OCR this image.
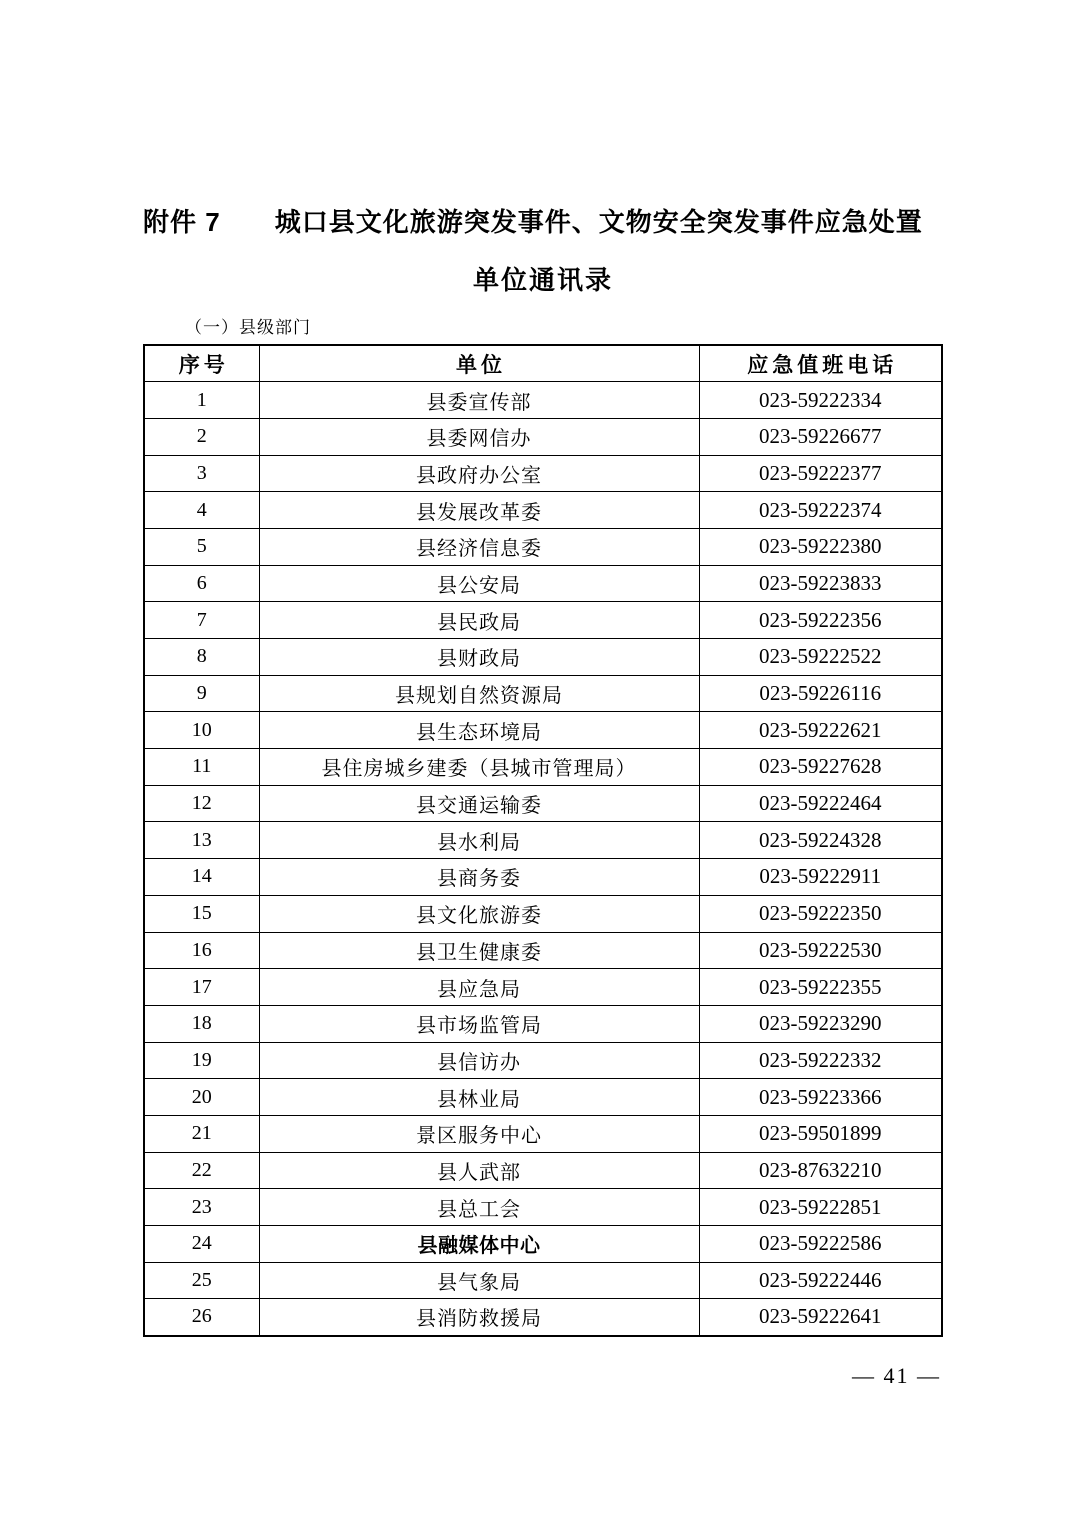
附件 7 城口县文化旅游突发事件、文物安全突发事件应急处置
单位通讯录
（一）县级部门
序号	单位	应急值班电话
1	县委宣传部	023-59222334
2	县委网信办	023-59226677
3	县政府办公室	023-59222377
4	县发展改革委	023-59222374
5	县经济信息委	023-59222380
6	县公安局	023-59223833
7	县民政局	023-59222356
8	县财政局	023-59222522
9	县规划自然资源局	023-59226116
10	县生态环境局	023-59222621
11	县住房城乡建委（县城市管理局）	023-59227628
12	县交通运输委	023-59222464
13	县水利局	023-59224328
14	县商务委	023-59222911
15	县文化旅游委	023-59222350
16	县卫生健康委	023-59222530
17	县应急局	023-59222355
18	县市场监管局	023-59223290
19	县信访办	023-59222332
20	县林业局	023-59223366
21	景区服务中心	023-59501899
22	县人武部	023-87632210
23	县总工会	023-59222851
24	县融媒体中心	023-59222586
25	县气象局	023-59222446
26	县消防救援局	023-59222641
— 41 —
